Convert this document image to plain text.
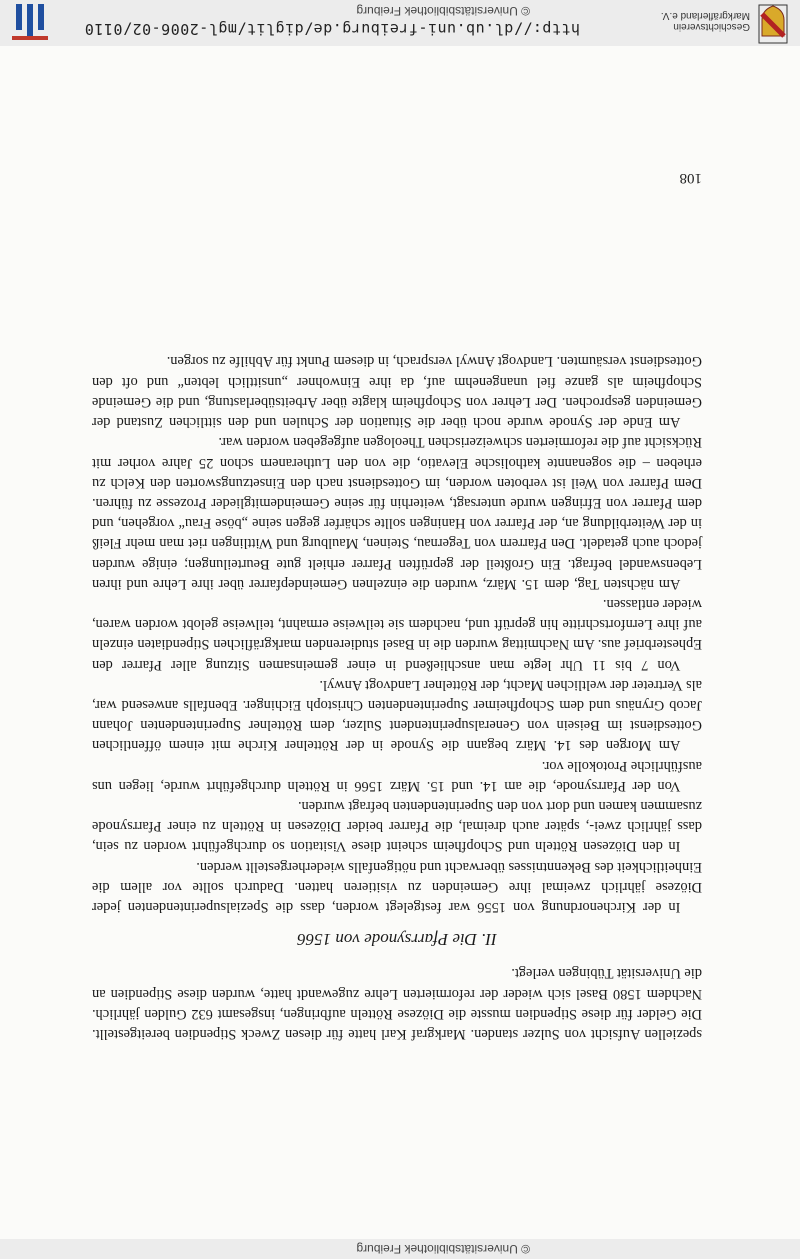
© Universitätsbibliothek Freiburg

speziellen Aufsicht von Sulzer standen. Markgraf Karl hatte für diesen Zweck Stipendien bereitgestellt. Die Gelder für diese Stipendien musste die Diözese Rötteln aufbringen, insgesamt 632 Gulden jährlich. Nachdem 1580 Basel sich wieder der reformierten Lehre zugewandt hatte, wurden diese Stipendien an die Universität Tübingen verlegt.

II. Die Pfarrsynode von 1566

In der Kirchenordnung von 1556 war festgelegt worden, dass die Spezialsuperintendenten jeder Diözese jährlich zweimal ihre Gemeinden zu visitieren hatten. Dadurch sollte vor allem die Einheitlichkeit des Bekenntnisses überwacht und nötigenfalls wiederhergestellt werden.

In den Diözesen Rötteln und Schopfheim scheint diese Visitation so durchgeführt worden zu sein, dass jährlich zwei-, später auch dreimal, die Pfarrer beider Diözesen in Rötteln zu einer Pfarrsynode zusammen kamen und dort von den Superintendenten befragt wurden.

Von der Pfarrsynode, die am 14. und 15. März 1566 in Rötteln durchgeführt wurde, liegen uns ausführliche Protokolle vor.

Am Morgen des 14. März begann die Synode in der Röttelner Kirche mit einem öffentlichen Gottesdienst im Beisein von Generalsuperintendent Sulzer, dem Röttelner Superintendenten Johann Jacob Grynäus und dem Schopfheimer Superintendenten Christoph Eichinger. Ebenfalls anwesend war, als Vertreter der weltlichen Macht, der Röttelner Landvogt Anwyl.

Von 7 bis 11 Uhr legte man anschließend in einer gemeinsamen Sitzung aller Pfarrer den Ephesterbrief aus. Am Nachmittag wurden die in Basel studierenden markgräflichen Stipendiaten einzeln auf ihre Lernfortschritte hin geprüft und, nachdem sie teilweise ermahnt, teilweise gelobt worden waren, wieder entlassen.

Am nächsten Tag, dem 15. März, wurden die einzelnen Gemeindepfarrer über ihre Lehre und ihren Lebenswandel befragt. Ein Großteil der geprüften Pfarrer erhielt gute Beurteilungen; einige wurden jedoch auch getadelt. Den Pfarrern von Tegernau, Steinen, Maulburg und Wittlingen riet man mehr Fleiß in der Weiterbildung an, der Pfarrer von Haningen sollte schärfer gegen seine „böse Frau“ vorgehen, und dem Pfarrer von Efringen wurde untersagt, weiterhin für seine Gemeindemitglieder Prozesse zu führen. Dem Pfarrer von Weil ist verboten worden, im Gottesdienst nach den Einsetzungsworten den Kelch zu erheben – die sogenannte katholische Elevatio, die von den Lutheranern schon 25 Jahre vorher mit Rücksicht auf die reformierten schweizerischen Theologen aufgegeben worden war.

Am Ende der Synode wurde noch über die Situation der Schulen und den sittlichen Zustand der Gemeinden gesprochen. Der Lehrer von Schopfheim klagte über Arbeitsüberlastung, und die Gemeinde Schopfheim als ganze fiel unangenehm auf, da ihre Einwohner „unsittlich lebten“ und oft den Gottesdienst versäumten. Landvogt Anwyl versprach, in diesem Punkt für Abhilfe zu sorgen.

108
Geschichtsverein
Markgräflerland e.V.
http://dl.ub.uni-freiburg.de/diglit/mgl-2006-02/0110
© Universitätsbibliothek Freiburg
